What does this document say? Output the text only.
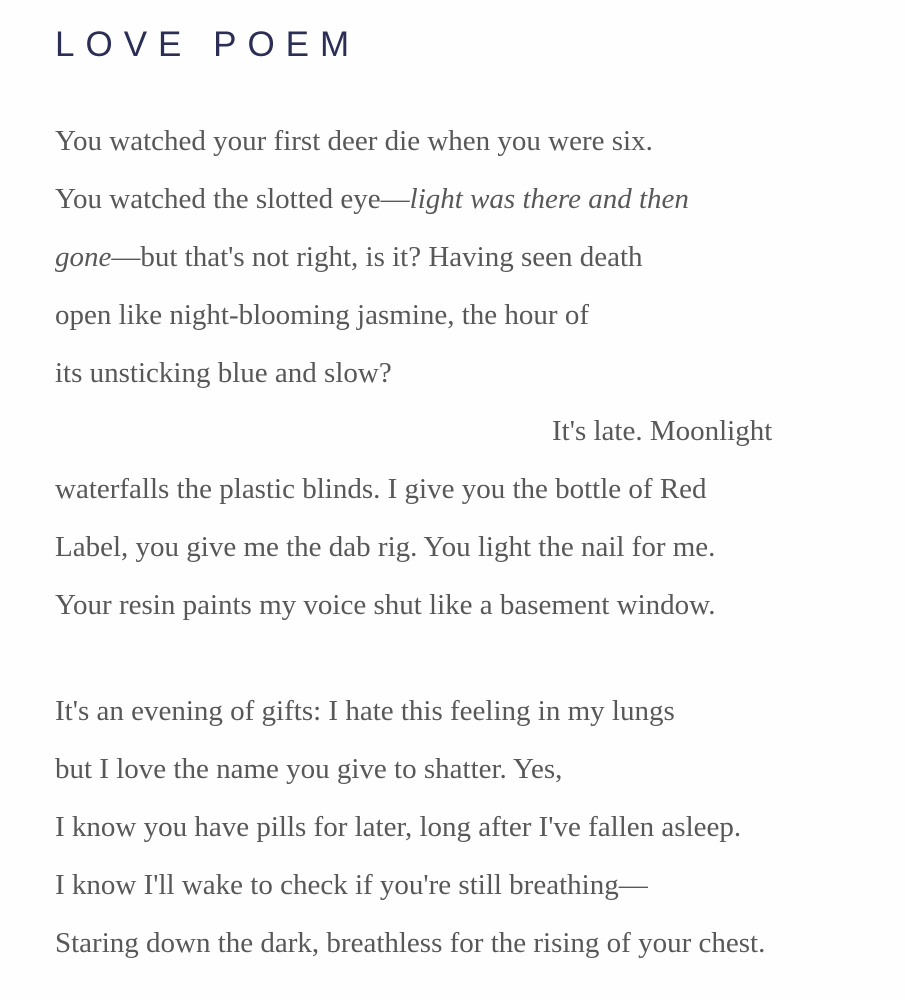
LOVE POEM
You watched your first deer die when you were six.
You watched the slotted eye—light was there and then
gone—but that's not right, is it? Having seen death
open like night-blooming jasmine, the hour of
its unsticking blue and slow?
It's late. Moonlight
waterfalls the plastic blinds. I give you the bottle of Red
Label, you give me the dab rig. You light the nail for me.
Your resin paints my voice shut like a basement window.
It's an evening of gifts: I hate this feeling in my lungs
but I love the name you give to shatter. Yes,
I know you have pills for later, long after I've fallen asleep.
I know I'll wake to check if you're still breathing—
Staring down the dark, breathless for the rising of your chest.
